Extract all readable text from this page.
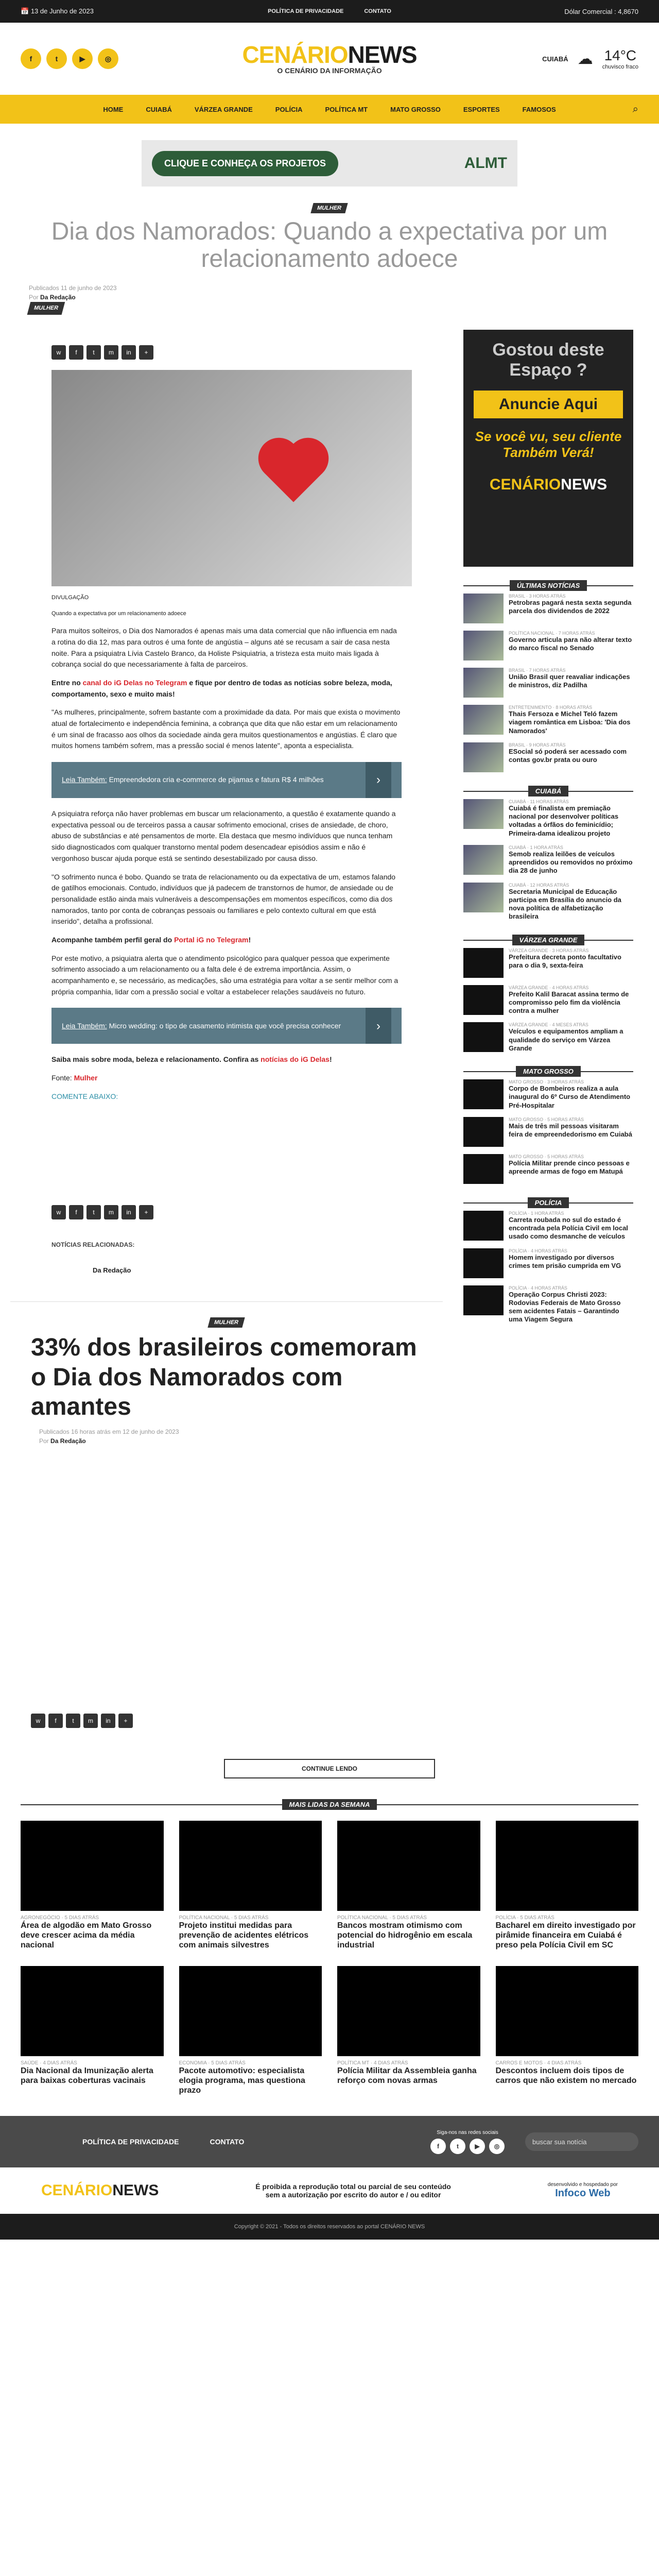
📅 13 de Junho de 2023	POLÍTICA DE PRIVACIDADE	CONTATO	Dólar Comercial : 4,8670
f	t	▶	◎	CENÁRIONEWS
O CENÁRIO DA INFORMAÇÃO
CUIABÁ ☁ 14°C
chuvisco fraco
HOME	CUIABÁ	VÁRZEA GRANDE	POLÍCIA	POLÍTICA MT	MATO GROSSO	ESPORTES	FAMOSOS	⌕
CLIQUE E CONHEÇA OS PROJETOS	ALMT
MULHER
Dia dos Namorados: Quando a expectativa por um relacionamento adoece
Publicados 11 de junho de 2023
Por Da Redação
MULHER
w	f	t	m	in	+

DIVULGAÇÃO

Quando a expectativa por um relacionamento adoece

Para muitos solteiros, o Dia dos Namorados é apenas mais uma data comercial que não influencia em nada a rotina do dia 12, mas para outros é uma fonte de angústia – alguns até se recusam a sair de casa nesta noite. Para a psiquiatra Lívia Castelo Branco, da Holiste Psiquiatria, a tristeza esta muito mais ligada à cobrança social do que necessariamente à falta de parceiros.

Entre no canal do iG Delas no Telegram e fique por dentro de todas as notícias sobre beleza, moda, comportamento, sexo e muito mais!

"As mulheres, principalmente, sofrem bastante com a proximidade da data. Por mais que exista o movimento atual de fortalecimento e independência feminina, a cobrança que dita que não estar em um relacionamento é um sinal de fracasso aos olhos da sociedade ainda gera muitos questionamentos e angústias. É claro que muitos homens também sofrem, mas a pressão social é menos latente", aponta a especialista.

Leia Também: Empreendedora cria e-commerce de pijamas e fatura R$ 4 milhões	›

A psiquiatra reforça não haver problemas em buscar um relacionamento, a questão é exatamente quando a expectativa pessoal ou de terceiros passa a causar sofrimento emocional, crises de ansiedade, de choro, abuso de substâncias e até pensamentos de morte. Ela destaca que mesmo indivíduos que nunca tenham sido diagnosticados com qualquer transtorno mental podem desencadear episódios assim e não é vergonhoso buscar ajuda porque está se sentindo desestabilizado por causa disso.

"O sofrimento nunca é bobo. Quando se trata de relacionamento ou da expectativa de um, estamos falando de gatilhos emocionais. Contudo, indivíduos que já padecem de transtornos de humor, de ansiedade ou de personalidade estão ainda mais vulneráveis a descompensações em momentos específicos, como dia dos namorados, tanto por conta de cobranças pessoais ou familiares e pelo contexto cultural em que está inserido", detalha a profissional.

Acompanhe também perfil geral do Portal iG no Telegram!

Por este motivo, a psiquiatra alerta que o atendimento psicológico para qualquer pessoa que experimente sofrimento associado a um relacionamento ou a falta dele é de extrema importância. Assim, o acompanhamento e, se necessário, as medicações, são uma estratégia para voltar a se sentir melhor com a própria companhia, lidar com a pressão social e voltar a estabelecer relações saudáveis no futuro.

Leia Também: Micro wedding: o tipo de casamento intimista que você precisa conhecer	›

Saiba mais sobre moda, beleza e relacionamento. Confira as notícias do iG Delas!

Fonte: Mulher

COMENTE ABAIXO:

w	f	t	m	in	+
NOTÍCIAS RELACIONADAS:
Da Redação
MULHER
33% dos brasileiros comemoram o Dia dos Namorados com amantes
Publicados 16 horas atrás em 12 de junho de 2023
Por Da Redação
w	f	t	m	in	+
Gostou deste Espaço ?
Anuncie Aqui
Se você vu, seu cliente Também Verá!
CENÁRIONEWS
ÚLTIMAS NOTÍCIAS
BRASIL · 3 HORAS ATRÁS
Petrobras pagará nesta sexta segunda parcela dos dividendos de 2022
POLÍTICA NACIONAL · 7 HORAS ATRÁS
Governo articula para não alterar texto do marco fiscal no Senado
BRASIL · 7 HORAS ATRÁS
União Brasil quer reavaliar indicações de ministros, diz Padilha
ENTRETENIMENTO · 8 HORAS ATRÁS
Thais Fersoza e Michel Teló fazem viagem romântica em Lisboa: 'Dia dos Namorados'
BRASIL · 9 HORAS ATRÁS
ESocial só poderá ser acessado com contas gov.br prata ou ouro
CUIABÁ
CUIABÁ · 11 HORAS ATRÁS
Cuiabá é finalista em premiação nacional por desenvolver políticas voltadas a órfãos do feminicídio; Primeira-dama idealizou projeto
CUIABÁ · 1 HORA ATRÁS
Semob realiza leilões de veículos apreendidos ou removidos no próximo dia 28 de junho
CUIABÁ · 12 HORAS ATRÁS
Secretaria Municipal de Educação participa em Brasília do anuncio da nova política de alfabetização brasileira
VÁRZEA GRANDE
VÁRZEA GRANDE · 3 HORAS ATRÁS
Prefeitura decreta ponto facultativo para o dia 9, sexta-feira
VÁRZEA GRANDE · 4 HORAS ATRÁS
Prefeito Kalil Baracat assina termo de compromisso pelo fim da violência contra a mulher
VÁRZEA GRANDE · 4 MESES ATRÁS
Veículos e equipamentos ampliam a qualidade do serviço em Várzea Grande
MATO GROSSO
MATO GROSSO · 3 HORAS ATRÁS
Corpo de Bombeiros realiza a aula inaugural do 6º Curso de Atendimento Pré-Hospitalar
MATO GROSSO · 5 HORAS ATRÁS
Mais de três mil pessoas visitaram feira de empreendedorismo em Cuiabá
MATO GROSSO · 5 HORAS ATRÁS
Polícia Militar prende cinco pessoas e apreende armas de fogo em Matupá
POLÍCIA
POLÍCIA · 1 HORA ATRÁS
Carreta roubada no sul do estado é encontrada pela Polícia Civil em local usado como desmanche de veículos
POLÍCIA · 4 HORAS ATRÁS
Homem investigado por diversos crimes tem prisão cumprida em VG
POLÍCIA · 4 HORAS ATRÁS
Operação Corpus Christi 2023: Rodovias Federais de Mato Grosso sem acidentes Fatais – Garantindo uma Viagem Segura
CONTINUE LENDO
MAIS LIDAS DA SEMANA
AGRONEGÓCIO · 5 DIAS ATRÁS
Área de algodão em Mato Grosso deve crescer acima da média nacional
POLÍTICA NACIONAL · 5 DIAS ATRÁS
Projeto institui medidas para prevenção de acidentes elétricos com animais silvestres
POLÍTICA NACIONAL · 5 DIAS ATRÁS
Bancos mostram otimismo com potencial do hidrogênio em escala industrial
POLÍCIA · 5 DIAS ATRÁS
Bacharel em direito investigado por pirâmide financeira em Cuiabá é preso pela Polícia Civil em SC
SAÚDE · 4 DIAS ATRÁS
Dia Nacional da Imunização alerta para baixas coberturas vacinais
ECONOMIA · 5 DIAS ATRÁS
Pacote automotivo: especialista elogia programa, mas questiona prazo
POLÍTICA MT · 4 DIAS ATRÁS
Polícia Militar da Assembleia ganha reforço com novas armas
CARROS E MOTOS · 4 DIAS ATRÁS
Descontos incluem dois tipos de carros que não existem no mercado
POLÍTICA DE PRIVACIDADE	CONTATO
Siga-nos nas redes sociais
f	t	▶	◎
buscar sua notícia
CENÁRIONEWS	É proibida a reprodução total ou parcial de seu conteúdo
sem a autorização por escrito do autor e / ou editor
desenvolvido e hospedado por
Infoco Web
Copyright © 2021 - Todos os direitos reservados ao portal CENÁRIO NEWS
